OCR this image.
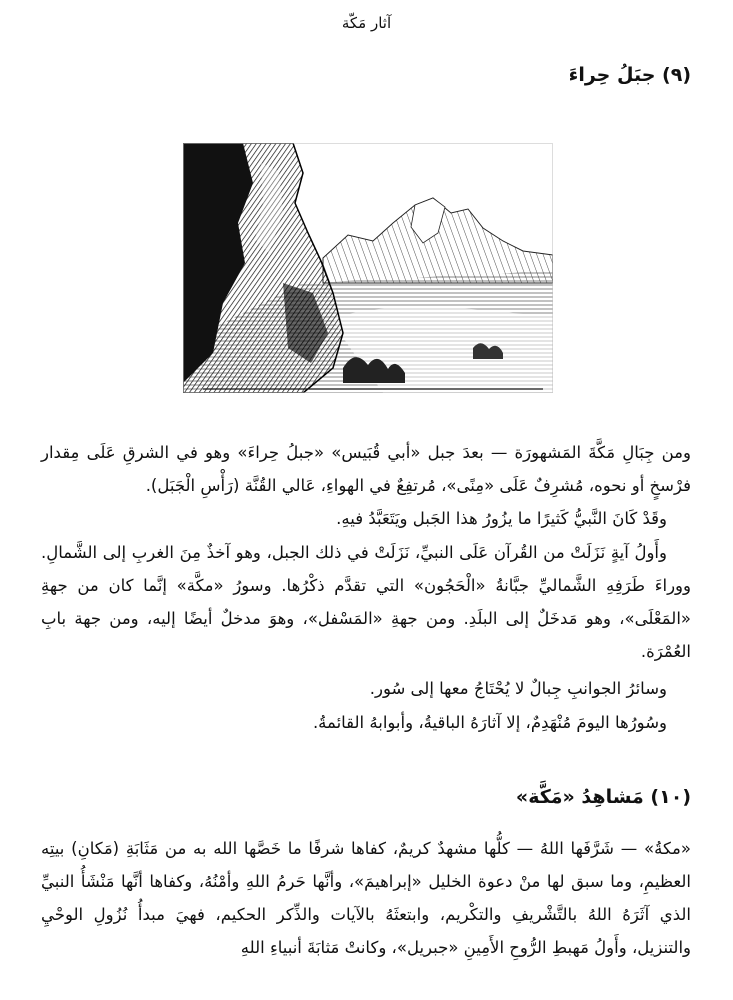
آثار مَكّة
(٩) جبَلُ حِراءَ

ومن جِبَالِ مَكَّةَ المَشهورَة — بعدَ جبل «أبي قُبَيس» «جبلُ حِراءَ» وهو في الشرقِ عَلَى مِقدار فرْسخٍ أو نحوه، مُشرِفٌ عَلَى «مِنًى»، مُرتفِعٌ في الهواءِ، عَالي القُنَّة (رَأْسِ الْجَبَل).

وقَدْ كَانَ النَّبيُّ كَثيرًا ما يزُورُ هذا الجَبل ويَتَعَبَّدُ فيهِ.

وأَولُ آيةٍ نَزَلَتْ من القُرآن عَلَى النبيِّ، نَزَلَتْ في ذلك الجبل، وهو آخذٌ مِنَ الغربِ إلى الشَّمالِ. ووراءَ طَرَفِهِ الشَّماليِّ جبَّانةُ «الْحَجُون» التي تقدَّم ذكْرُها. وسورُ «مكَّة» إنَّما كان من جهةِ «المَعْلَى»، وهو مَدخَلٌ إلى البلَدِ. ومن جهةِ «المَسْفل»، وهوَ مدخلٌ أيضًا إليه، ومن جهة بابِ العُمْرَة.

وسائرُ الجوانبِ جِبالٌ لا يُحْتَاجُ معها إلى سُور.

وسُورُها اليومَ مُنْهَدِمٌ، إلا آثارَهُ الباقيةُ، وأبوابهُ القائمةُ.

(١٠) مَشاهِدُ «مَكَّة»

«مكةُ» — شَرَّفَها اللهُ — كلُّها مشهدٌ كريمٌ، كفاها شرفًا ما خَصَّها الله به من مَثَابَةِ (مَكانِ) بيتِه العظيمِ، وما سبق لها منْ دعوة الخليل «إبراهيمَ»، وأنَّها حَرمُ اللهِ وأمْنُهُ، وكفاها أنَّها مَنْشَأُ النبيِّ الذي آثَرَهُ اللهُ بالتَّشْريفِ والتكْريم، وابتعثَهُ بالآيات والذِّكر الحكيم، فهيَ مبدأُ نُزُولِ الوحْيِ والتنزيل، وأَولُ مَهبطِ الرُّوحِ الأَمِينِ «جبريل»، وكانتْ مَثابَةَ أنبياءِ اللهِ
